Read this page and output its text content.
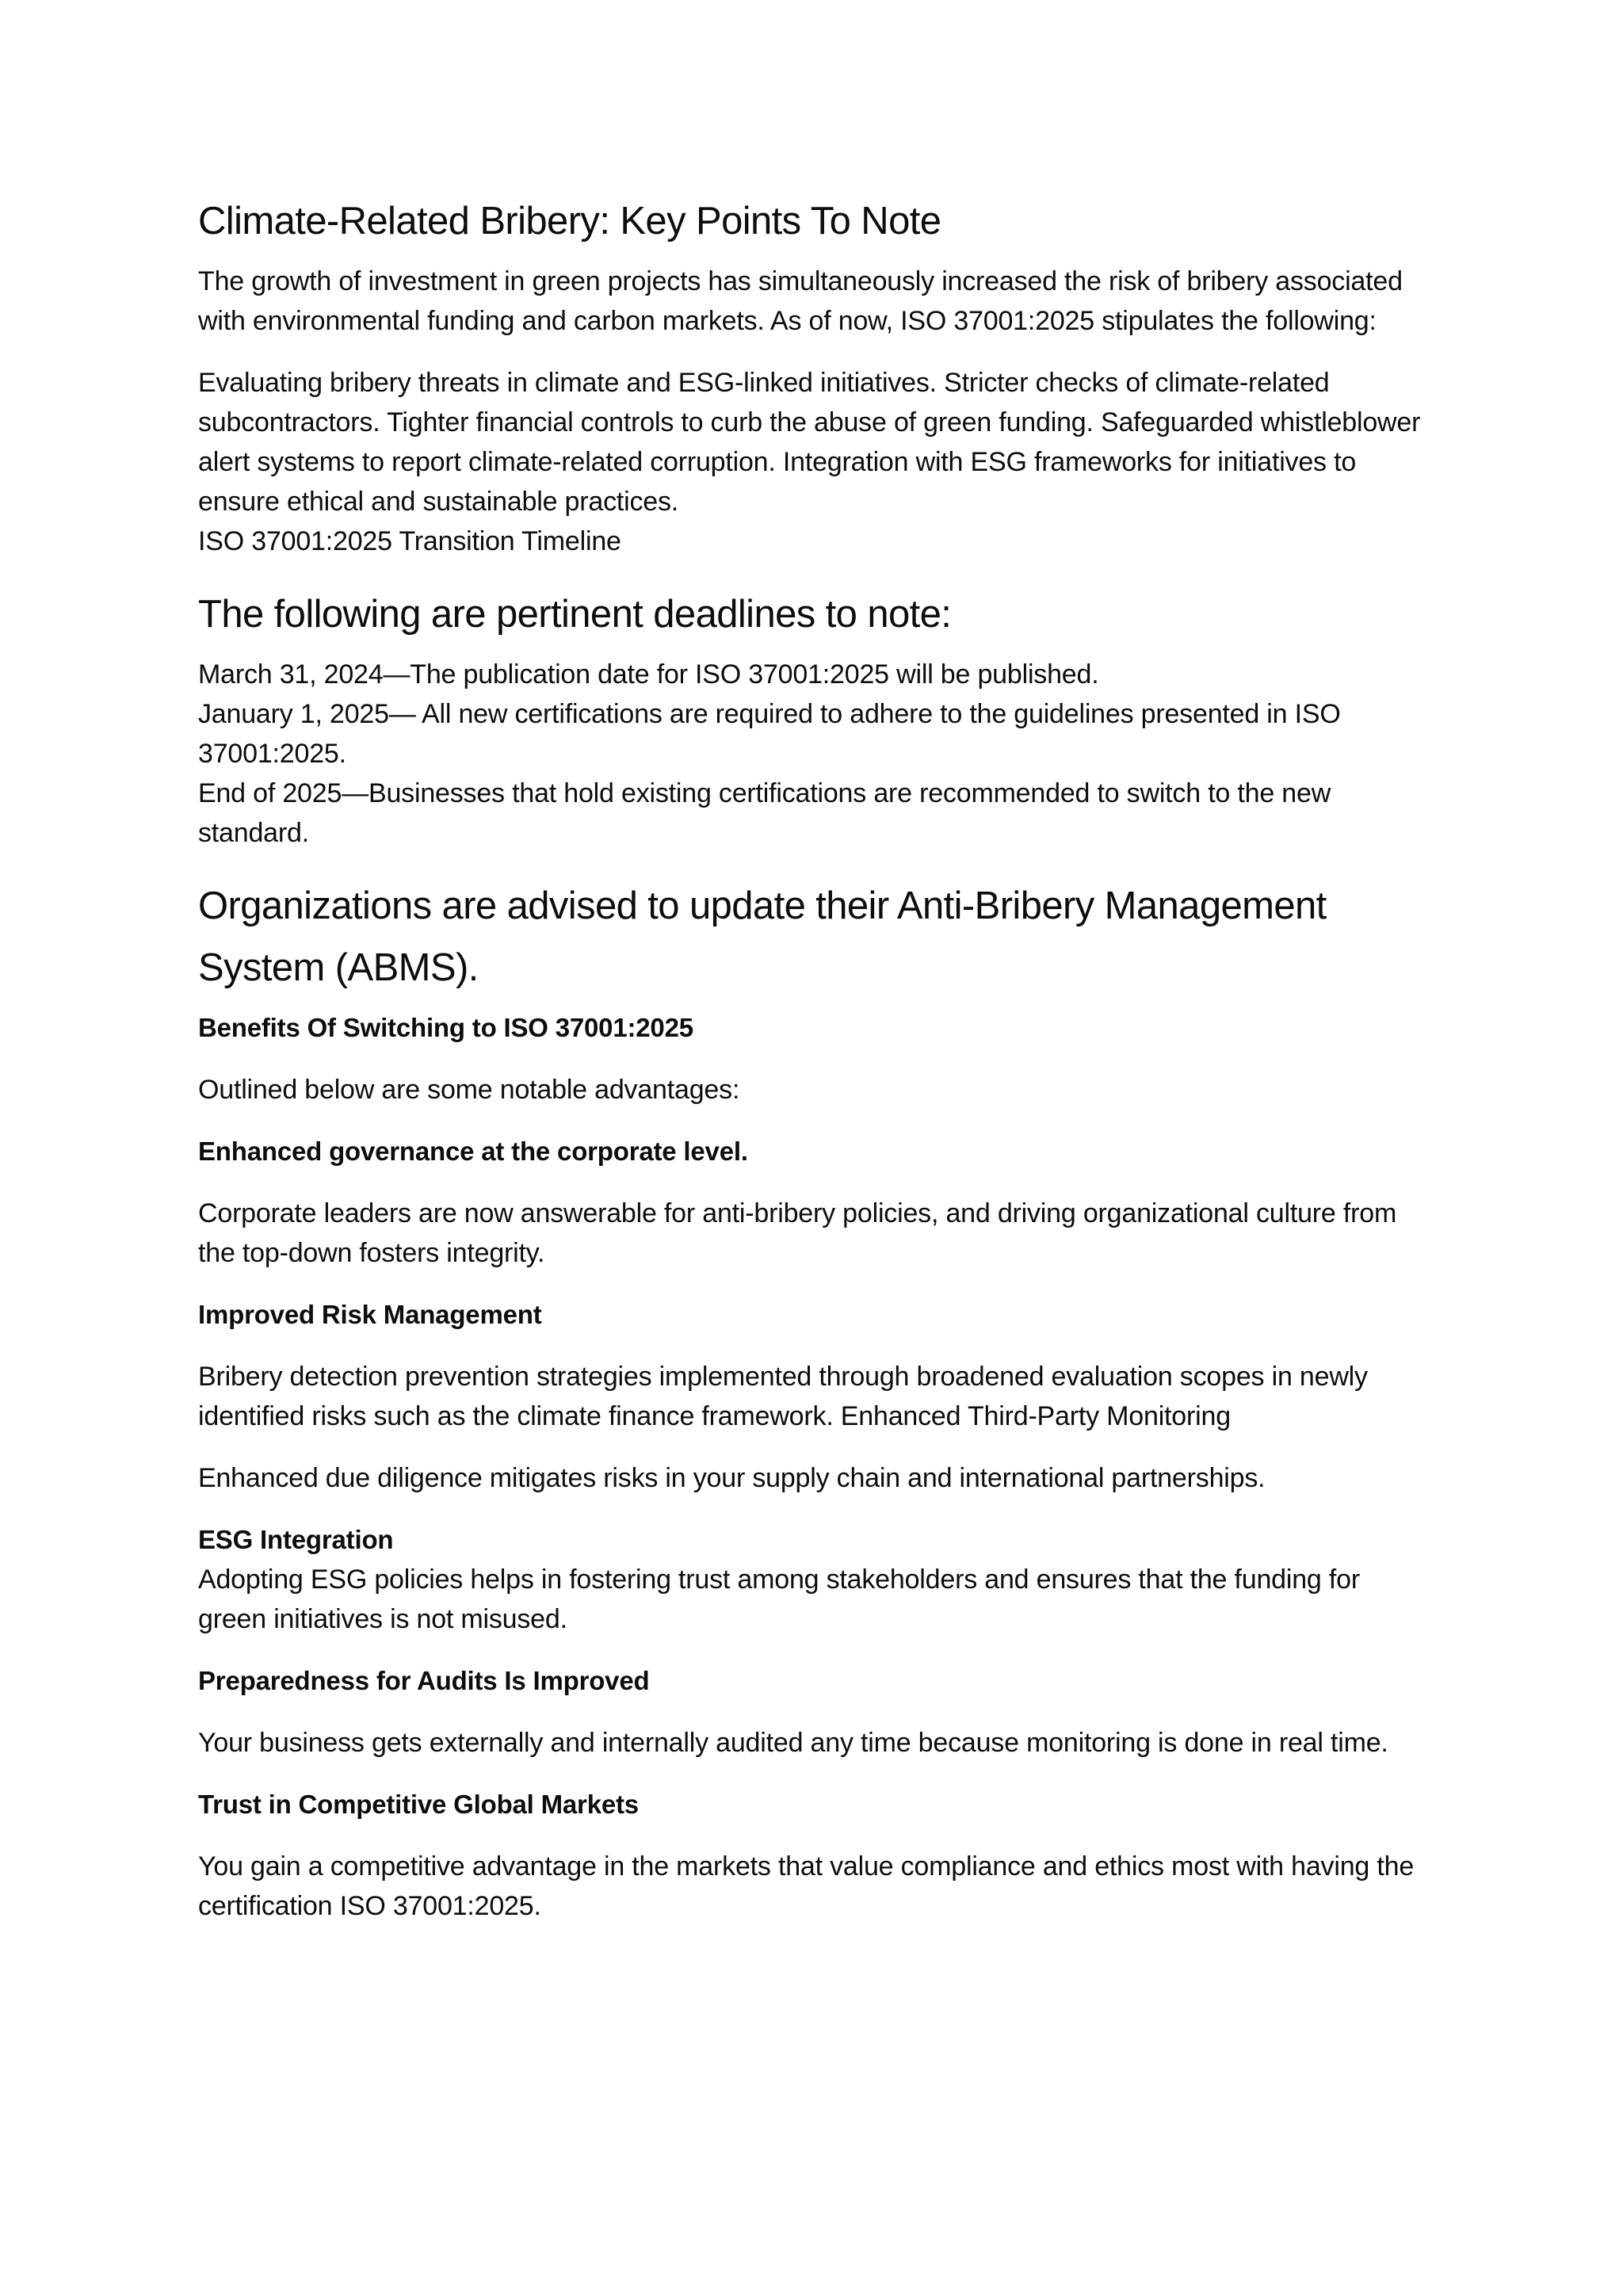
Climate-Related Bribery: Key Points To Note

The growth of investment in green projects has simultaneously increased the risk of bribery associated with environmental funding and carbon markets. As of now, ISO 37001:2025 stipulates the following:

Evaluating bribery threats in climate and ESG-linked initiatives. Stricter checks of climate-related subcontractors. Tighter financial controls to curb the abuse of green funding. Safeguarded whistleblower alert systems to report climate-related corruption. Integration with ESG frameworks for initiatives to ensure ethical and sustainable practices.

ISO 37001:2025 Transition Timeline

The following are pertinent deadlines to note:

March 31, 2024—The publication date for ISO 37001:2025 will be published.

January 1, 2025— All new certifications are required to adhere to the guidelines presented in ISO 37001:2025.

End of 2025—Businesses that hold existing certifications are recommended to switch to the new standard.

Organizations are advised to update their Anti-Bribery Management System (ABMS).
Benefits Of Switching to ISO 37001:2025

Outlined below are some notable advantages:

Enhanced governance at the corporate level.

Corporate leaders are now answerable for anti-bribery policies, and driving organizational culture from the top-down fosters integrity.

Improved Risk Management

Bribery detection prevention strategies implemented through broadened evaluation scopes in newly identified risks such as the climate finance framework. Enhanced Third-Party Monitoring

Enhanced due diligence mitigates risks in your supply chain and international partnerships.

ESG Integration

Adopting ESG policies helps in fostering trust among stakeholders and ensures that the funding for green initiatives is not misused.

Preparedness for Audits Is Improved

Your business gets externally and internally audited any time because monitoring is done in real time.

Trust in Competitive Global Markets

You gain a competitive advantage in the markets that value compliance and ethics most with having the certification ISO 37001:2025.
